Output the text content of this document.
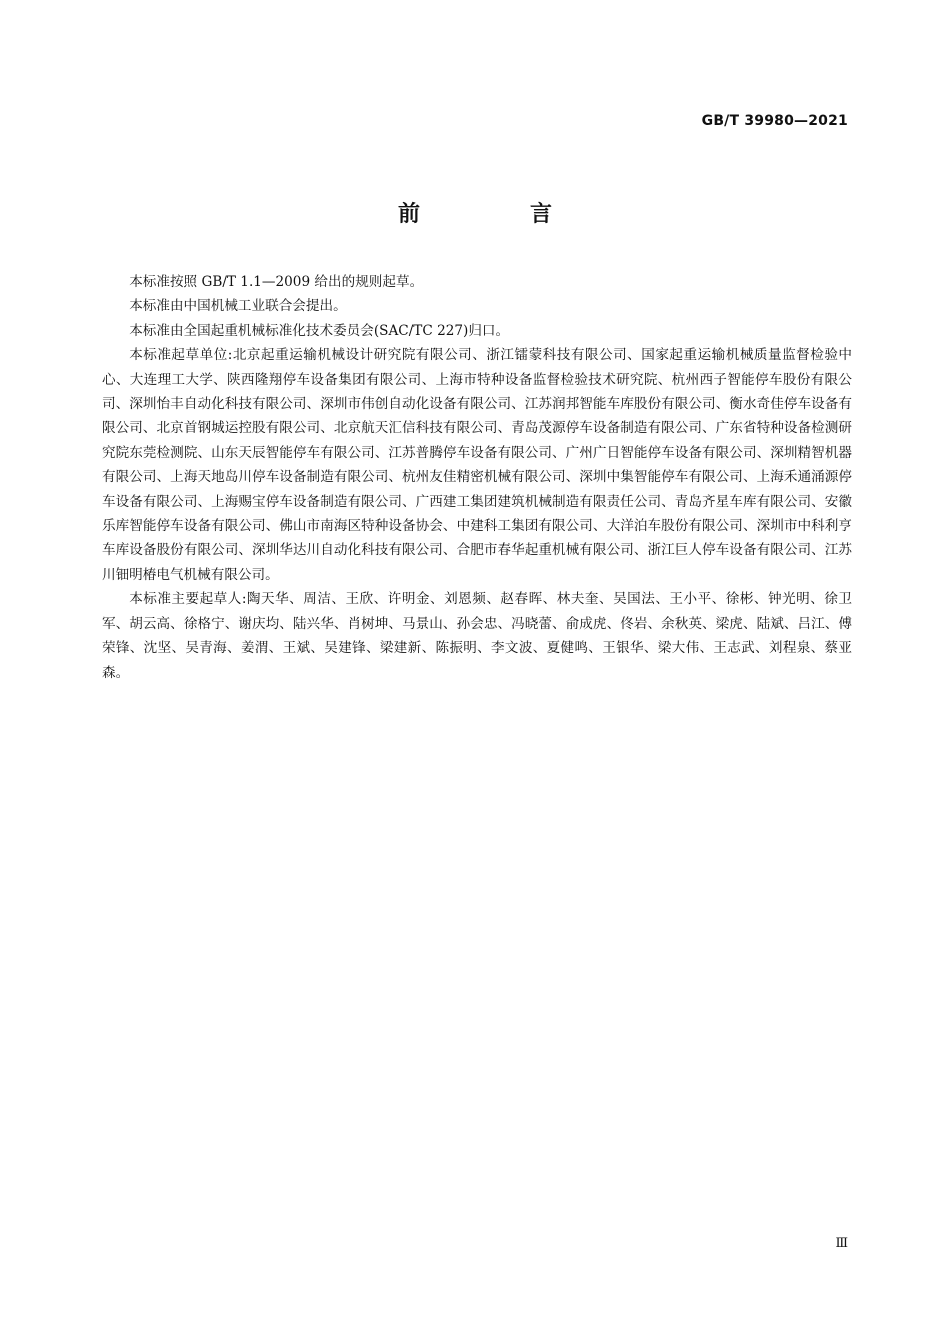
GB/T 39980—2021
前　言

本标准按照 GB/T 1.1—2009 给出的规则起草。

本标准由中国机械工业联合会提出。

本标准由全国起重机械标准化技术委员会(SAC/TC 227)归口。

本标准起草单位:北京起重运输机械设计研究院有限公司、浙江镭蒙科技有限公司、国家起重运输机械质量监督检验中心、大连理工大学、陕西隆翔停车设备集团有限公司、上海市特种设备监督检验技术研究院、杭州西子智能停车股份有限公司、深圳怡丰自动化科技有限公司、深圳市伟创自动化设备有限公司、江苏润邦智能车库股份有限公司、衡水奇佳停车设备有限公司、北京首钢城运控股有限公司、北京航天汇信科技有限公司、青岛茂源停车设备制造有限公司、广东省特种设备检测研究院东莞检测院、山东天辰智能停车有限公司、江苏普腾停车设备有限公司、广州广日智能停车设备有限公司、深圳精智机器有限公司、上海天地岛川停车设备制造有限公司、杭州友佳精密机械有限公司、深圳中集智能停车有限公司、上海禾通涌源停车设备有限公司、上海赐宝停车设备制造有限公司、广西建工集团建筑机械制造有限责任公司、青岛齐星车库有限公司、安徽乐库智能停车设备有限公司、佛山市南海区特种设备协会、中建科工集团有限公司、大洋泊车股份有限公司、深圳市中科利亨车库设备股份有限公司、深圳华达川自动化科技有限公司、合肥市春华起重机械有限公司、浙江巨人停车设备有限公司、江苏川钿明椿电气机械有限公司。

本标准主要起草人:陶天华、周洁、王欣、许明金、刘恩频、赵春晖、林夫奎、吴国法、王小平、徐彬、钟光明、徐卫军、胡云高、徐格宁、谢庆均、陆兴华、肖树坤、马景山、孙会忠、冯晓蕾、俞成虎、佟岩、余秋英、梁虎、陆斌、吕江、傅荣锋、沈坚、吴青海、姜渭、王斌、吴建锋、梁建新、陈振明、李文波、夏健鸣、王银华、梁大伟、王志武、刘程泉、蔡亚森。

Ⅲ
